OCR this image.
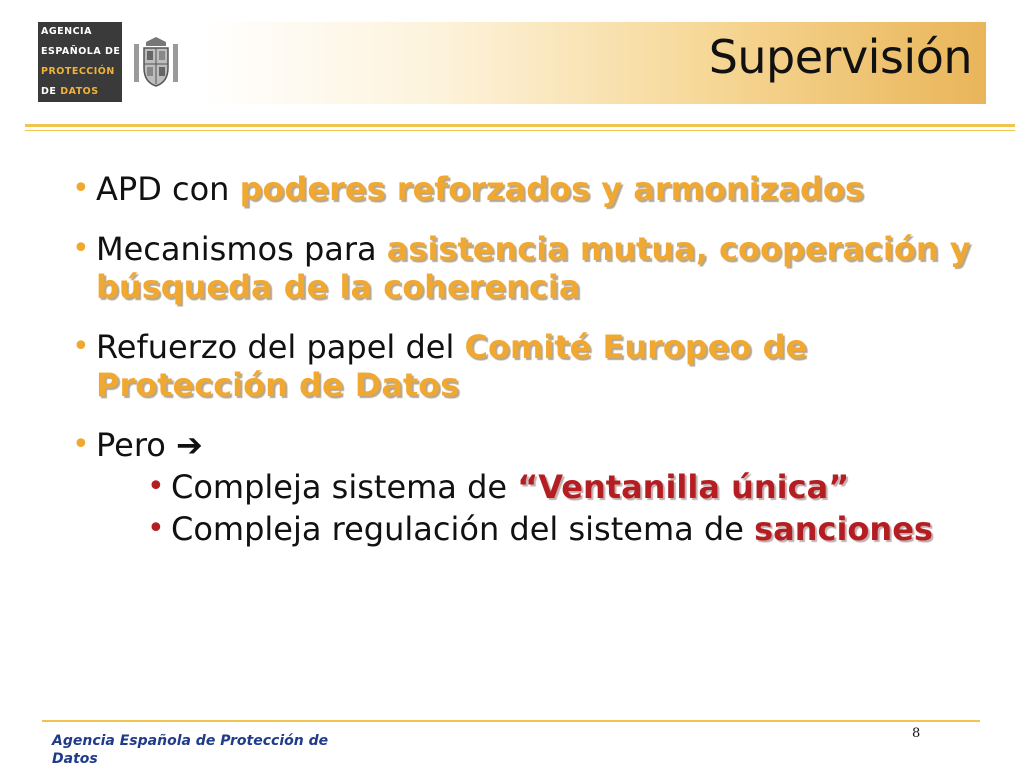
AGENCIA
ESPAÑOLA DE
PROTECCIÓN
DE DATOS
Supervisión
• APD con poderes reforzados y armonizados
• Mecanismos para asistencia mutua, cooperación y búsqueda de la coherencia
• Refuerzo del papel del Comité Europeo de Protección de Datos
• Pero ➔
• Compleja sistema de “Ventanilla única”
• Compleja regulación del sistema de sanciones
Agencia Española de Protección de Datos
8
